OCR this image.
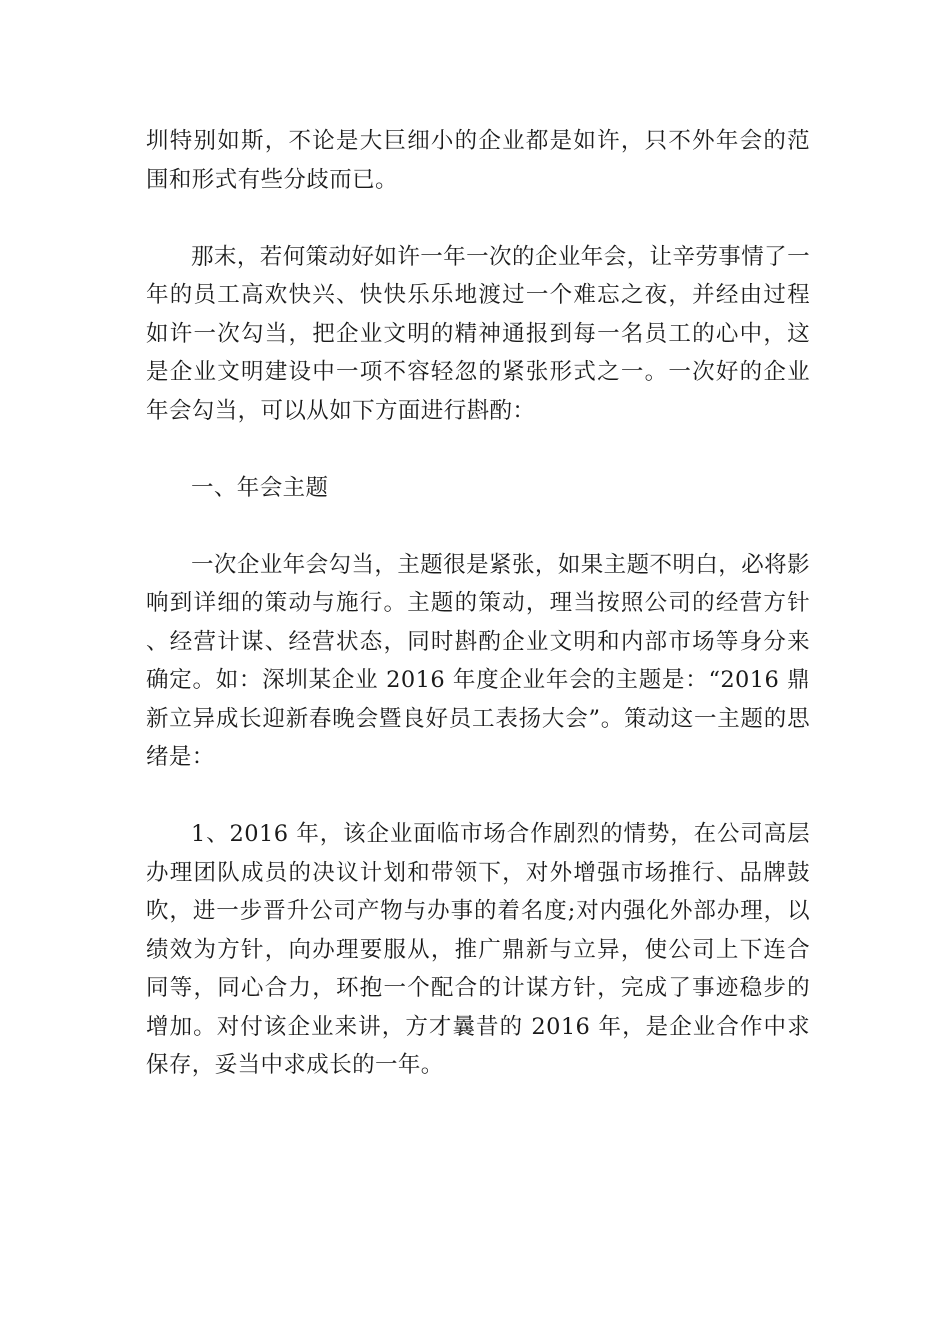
圳特别如斯，不论是大巨细小的企业都是如许，只不外年会的范围和形式有些分歧而已。

那末，若何策动好如许一年一次的企业年会，让辛劳事情了一年的员工高欢快兴、快快乐乐地渡过一个难忘之夜，并经由过程如许一次勾当，把企业文明的精神通报到每一名员工的心中，这是企业文明建设中一项不容轻忽的紧张形式之一。一次好的企业年会勾当，可以从如下方面进行斟酌：

一、年会主题

一次企业年会勾当，主题很是紧张，如果主题不明白，必将影响到详细的策动与施行。主题的策动，理当按照公司的经营方针、经营计谋、经营状态，同时斟酌企业文明和内部市场等身分来确定。如：深圳某企业 2016 年度企业年会的主题是：“2016 鼎新立异成长迎新春晚会暨良好员工表扬大会”。策动这一主题的思绪是：

1、2016 年，该企业面临市场合作剧烈的情势，在公司高层办理团队成员的决议计划和带领下，对外增强市场推行、品牌鼓吹，进一步晋升公司产物与办事的着名度;对内强化外部办理，以绩效为方针，向办理要服从，推广鼎新与立异，使公司上下连合同等，同心合力，环抱一个配合的计谋方针，完成了事迹稳步的增加。对付该企业来讲，方才曩昔的 2016 年，是企业合作中求保存，妥当中求成长的一年。
